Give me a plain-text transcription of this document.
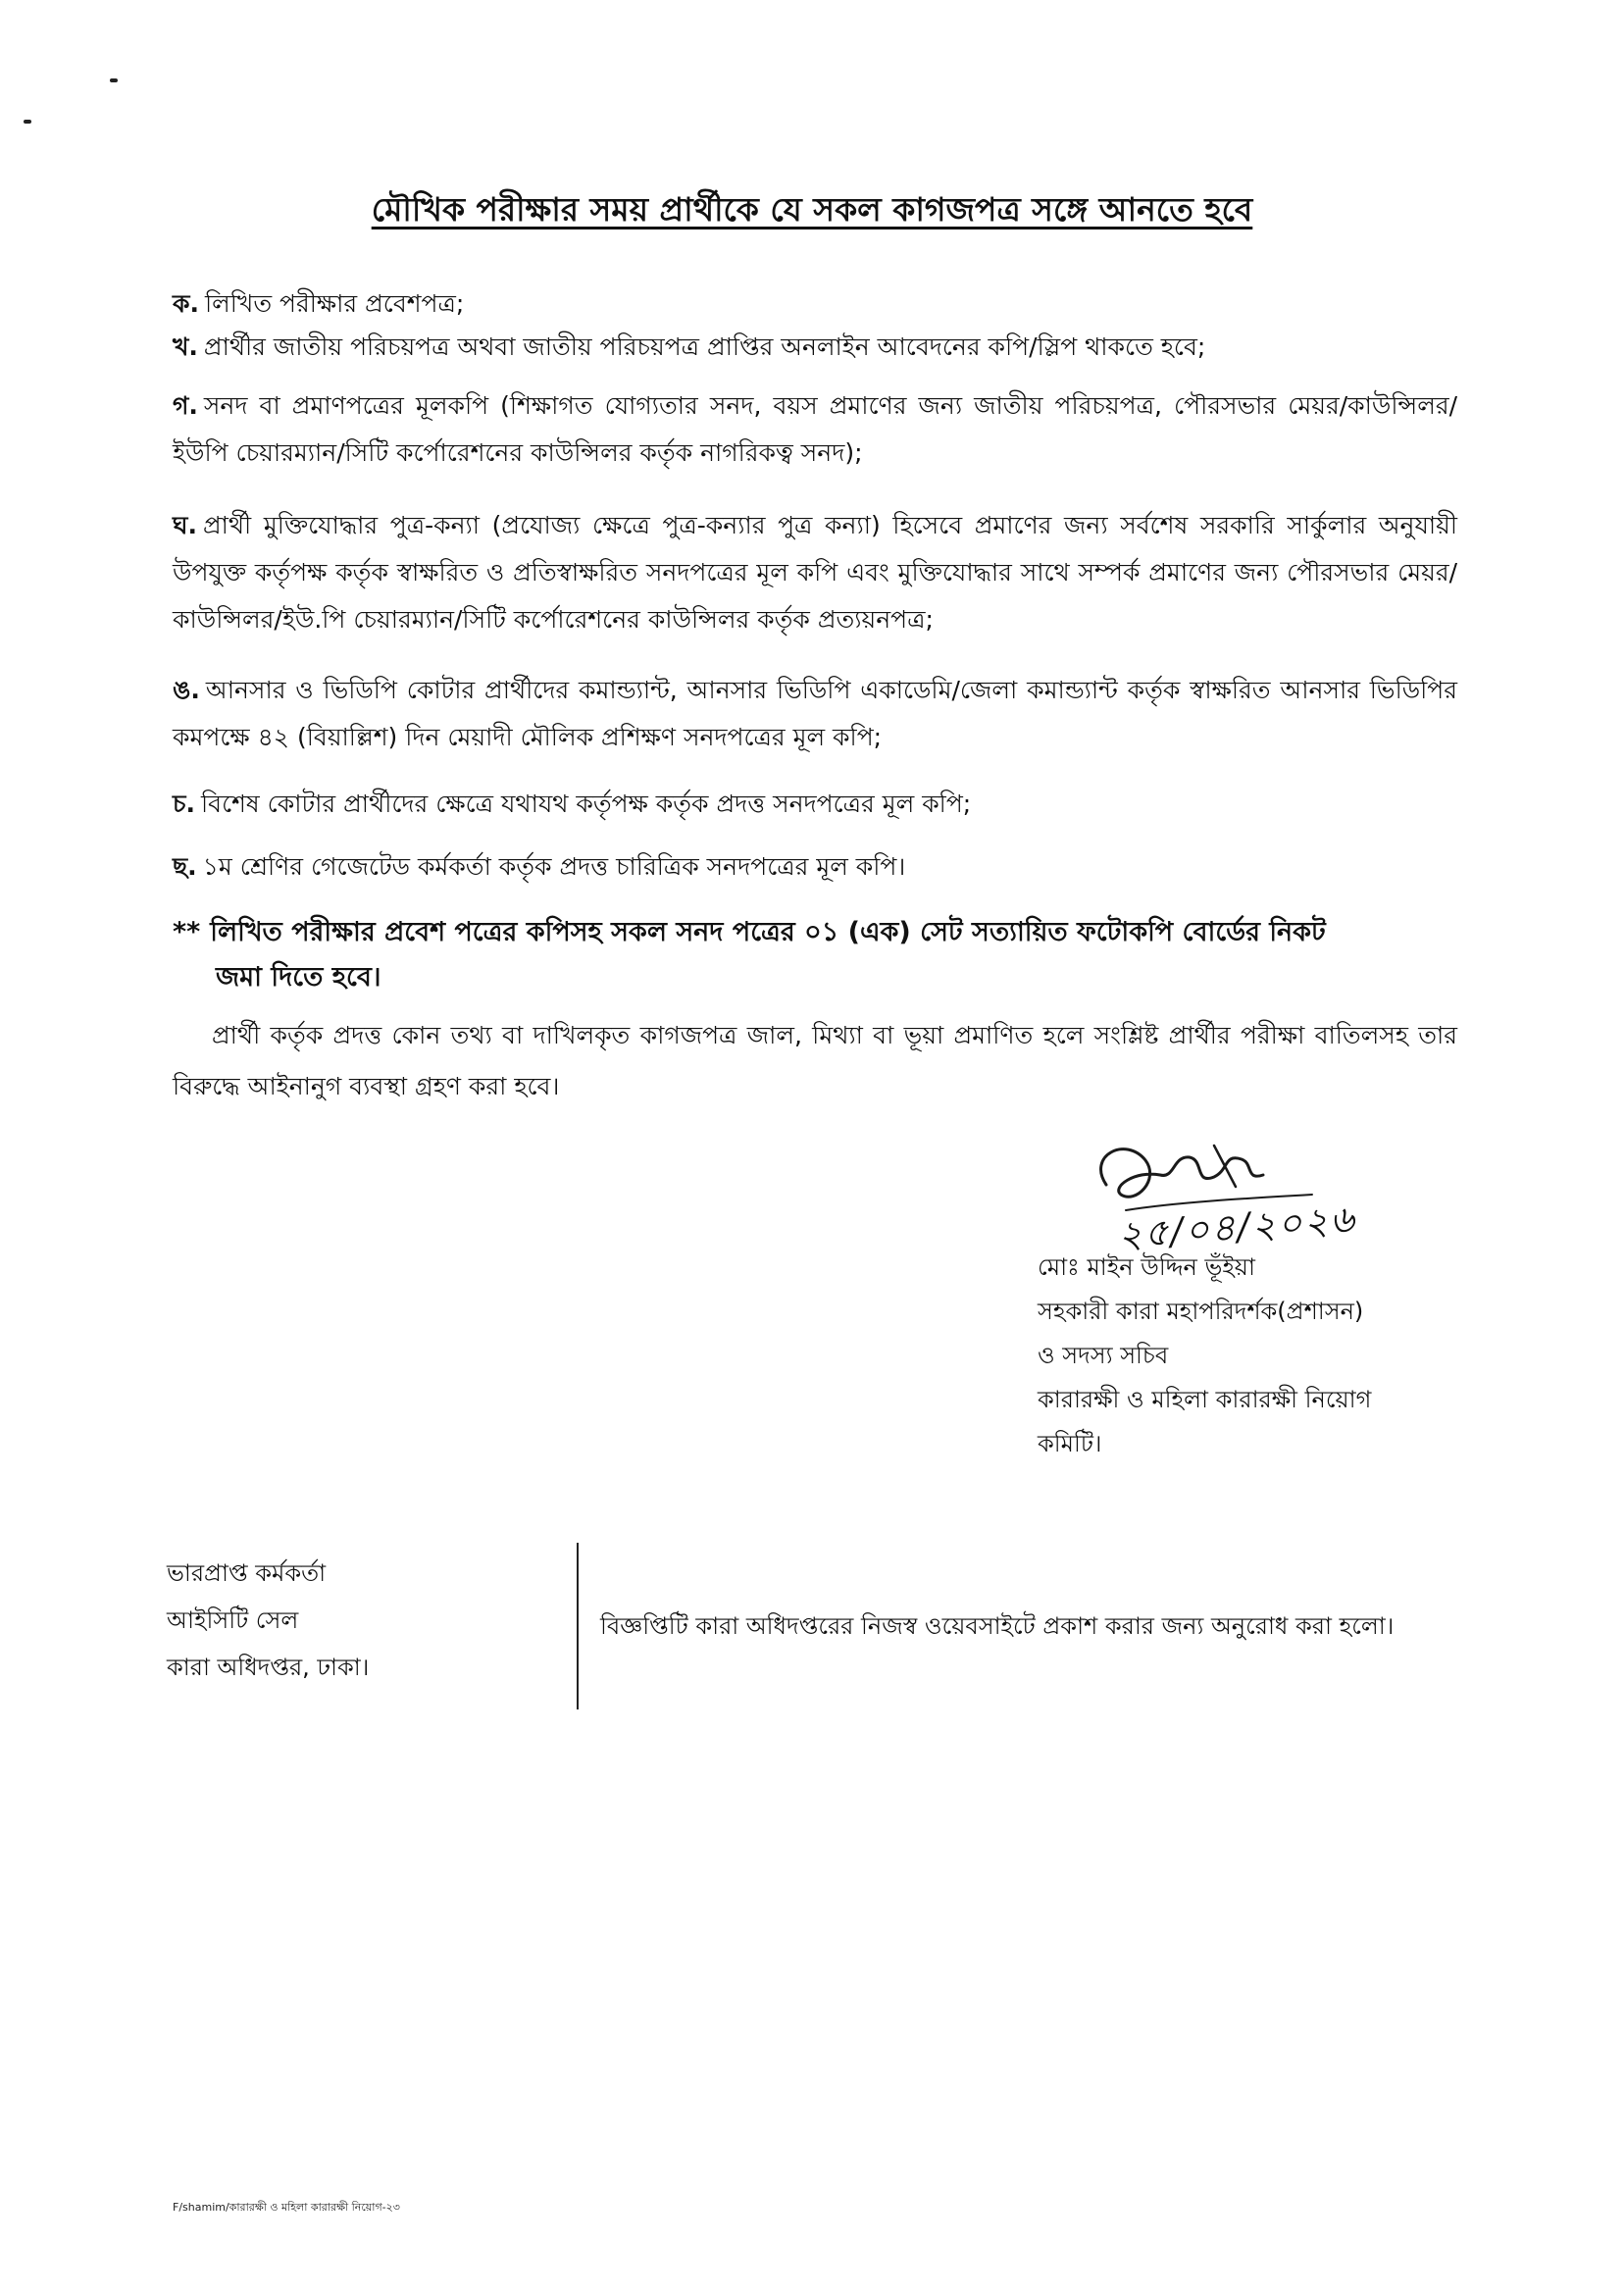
মৌখিক পরীক্ষার সময় প্রার্থীকে যে সকল কাগজপত্র সঙ্গে আনতে হবে
ক. লিখিত পরীক্ষার প্রবেশপত্র;
খ. প্রার্থীর জাতীয় পরিচয়পত্র অথবা জাতীয় পরিচয়পত্র প্রাপ্তির অনলাইন আবেদনের কপি/স্লিপ থাকতে হবে;
গ. সনদ বা প্রমাণপত্রের মূলকপি (শিক্ষাগত যোগ্যতার সনদ, বয়স প্রমাণের জন্য জাতীয় পরিচয়পত্র, পৌরসভার মেয়র/কাউন্সিলর/ইউপি চেয়ারম্যান/সিটি কর্পোরেশনের কাউন্সিলর কর্তৃক নাগরিকত্ব সনদ);
ঘ. প্রার্থী মুক্তিযোদ্ধার পুত্র-কন্যা (প্রযোজ্য ক্ষেত্রে পুত্র-কন্যার পুত্র কন্যা) হিসেবে প্রমাণের জন্য সর্বশেষ সরকারি সার্কুলার অনুযায়ী উপযুক্ত কর্তৃপক্ষ কর্তৃক স্বাক্ষরিত ও প্রতিস্বাক্ষরিত সনদপত্রের মূল কপি এবং মুক্তিযোদ্ধার সাথে সম্পর্ক প্রমাণের জন্য পৌরসভার মেয়র/কাউন্সিলর/ইউ.পি চেয়ারম্যান/সিটি কর্পোরেশনের কাউন্সিলর কর্তৃক প্রত্যয়নপত্র;
ঙ. আনসার ও ভিডিপি কোটার প্রার্থীদের কমান্ড্যান্ট, আনসার ভিডিপি একাডেমি/জেলা কমান্ড্যান্ট কর্তৃক স্বাক্ষরিত আনসার ভিডিপির কমপক্ষে ৪২ (বিয়াল্লিশ) দিন মেয়াদী মৌলিক প্রশিক্ষণ সনদপত্রের মূল কপি;
চ. বিশেষ কোটার প্রার্থীদের ক্ষেত্রে যথাযথ কর্তৃপক্ষ কর্তৃক প্রদত্ত সনদপত্রের মূল কপি;
ছ. ১ম শ্রেণির গেজেটেড কর্মকর্তা কর্তৃক প্রদত্ত চারিত্রিক সনদপত্রের মূল কপি।
** লিখিত পরীক্ষার প্রবেশ পত্রের কপিসহ সকল সনদ পত্রের ০১ (এক) সেট সত্যায়িত ফটোকপি বোর্ডের নিকট
জমা দিতে হবে।
প্রার্থী কর্তৃক প্রদত্ত কোন তথ্য বা দাখিলকৃত কাগজপত্র জাল, মিথ্যা বা ভূয়া প্রমাণিত হলে সংশ্লিষ্ট প্রার্থীর পরীক্ষা বাতিলসহ তার বিরুদ্ধে আইনানুগ ব্যবস্থা গ্রহণ করা হবে।
২৫/০৪/২০২৬
মোঃ মাইন উদ্দিন ভূঁইয়া
সহকারী কারা মহাপরিদর্শক(প্রশাসন)
ও সদস্য সচিব
কারারক্ষী ও মহিলা কারারক্ষী নিয়োগ
কমিটি।
ভারপ্রাপ্ত কর্মকর্তা
আইসিটি সেল
কারা অধিদপ্তর, ঢাকা।
বিজ্ঞপ্তিটি কারা অধিদপ্তরের নিজস্ব ওয়েবসাইটে প্রকাশ করার জন্য অনুরোধ করা হলো।
F/shamim/কারারক্ষী ও মহিলা কারারক্ষী নিয়োগ-২৩
